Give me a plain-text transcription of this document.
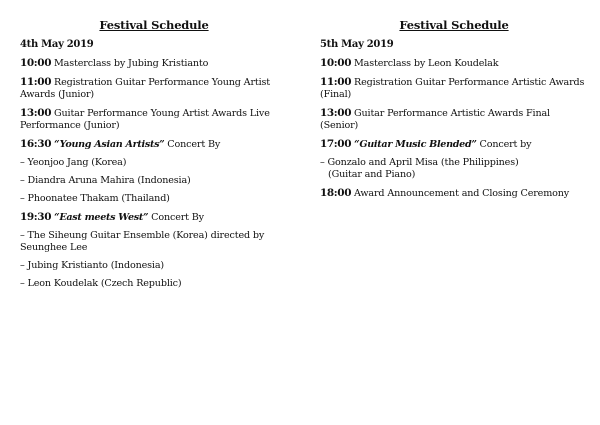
Festival Schedule
4th May 2019
10:00 Masterclass by Jubing Kristianto
11:00 Registration Guitar Performance Young Artist Awards (Junior)
13:00 Guitar Performance Young Artist Awards Live Performance (Junior)
16:30 “Young Asian Artists” Concert By
– Yeonjoo Jang (Korea)
– Diandra Aruna Mahira (Indonesia)
– Phoonatee Thakam (Thailand)
19:30 “East meets West” Concert By
– The Siheung Guitar Ensemble (Korea) directed by Seunghee Lee
– Jubing Kristianto (Indonesia)
– Leon Koudelak (Czech Republic)
Festival Schedule
5th May 2019
10:00 Masterclass by Leon Koudelak
11:00 Registration Guitar Performance Artistic Awards (Final)
13:00 Guitar Performance Artistic Awards Final (Senior)
17:00 “Guitar Music Blended” Concert by
– Gonzalo and April Misa (the Philippines)
(Guitar and Piano)
18:00 Award Announcement and Closing Ceremony
